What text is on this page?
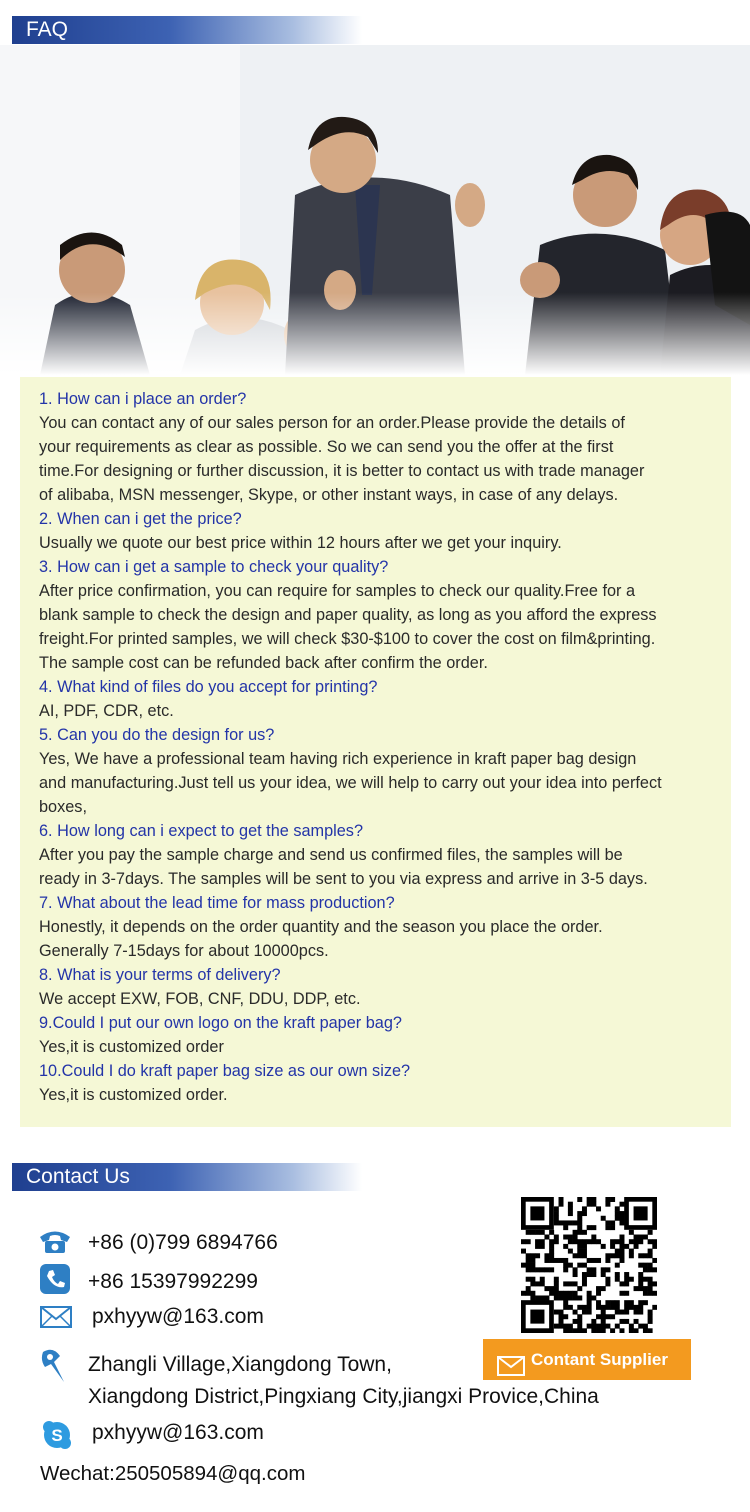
FAQ
1. How can i place an order?
You can contact any of our sales person for an order.Please provide the details of
your requirements as clear as possible. So we can send you the offer at the first
time.For designing or further discussion, it is better to contact us with trade manager
of alibaba, MSN messenger, Skype, or other instant ways, in case of any delays.
2. When can i get the price?
Usually we quote our best price within 12 hours after we get your inquiry.
3. How can i get a sample to check your quality?
After price confirmation, you can require for samples to check our quality.Free for a
blank sample to check the design and paper quality, as long as you afford the express
freight.For printed samples, we will check $30-$100 to cover the cost on film&printing.
The sample cost can be refunded back after confirm the order.
4. What kind of files do you accept for printing?
AI, PDF, CDR, etc.
5. Can you do the design for us?
Yes, We have a professional team having rich experience in kraft paper bag design
and manufacturing.Just tell us your idea, we will help to carry out your idea into perfect
boxes,
6. How long can i expect to get the samples?
After you pay the sample charge and send us confirmed files, the samples will be
ready in 3-7days. The samples will be sent to you via express and arrive in 3-5 days.
7. What about the lead time for mass production?
Honestly, it depends on the order quantity and the season you place the order.
Generally 7-15days for about 10000pcs.
8. What is your terms of delivery?
We accept EXW, FOB, CNF, DDU, DDP, etc.
9.Could I put our own logo on the kraft paper bag?
Yes,it is customized order
10.Could I do kraft paper bag size as our own size?
Yes,it is customized order.
Contact Us
+86 (0)799 6894766
+86 15397992299
pxhyyw@163.com
Zhangli Village,Xiangdong Town,
Xiangdong District,Pingxiang City,jiangxi Provice,China
S pxhyyw@163.com
Wechat:250505894@qq.com
Contant Supplier
